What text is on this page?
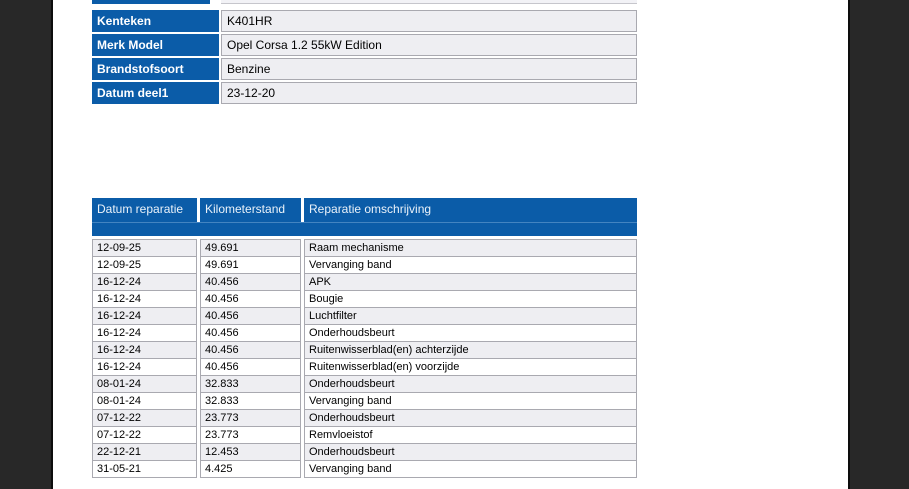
Kenteken	K401HR
Merk Model	Opel Corsa 1.2 55kW Edition
Brandstofsoort	Benzine
Datum deel1	23-12-20
Datum reparatie	Kilometerstand	Reparatie omschrijving
12-09-25	49.691	Raam mechanisme
12-09-25	49.691	Vervanging band
16-12-24	40.456	APK
16-12-24	40.456	Bougie
16-12-24	40.456	Luchtfilter
16-12-24	40.456	Onderhoudsbeurt
16-12-24	40.456	Ruitenwisserblad(en) achterzijde
16-12-24	40.456	Ruitenwisserblad(en) voorzijde
08-01-24	32.833	Onderhoudsbeurt
08-01-24	32.833	Vervanging band
07-12-22	23.773	Onderhoudsbeurt
07-12-22	23.773	Remvloeistof
22-12-21	12.453	Onderhoudsbeurt
31-05-21	4.425	Vervanging band
